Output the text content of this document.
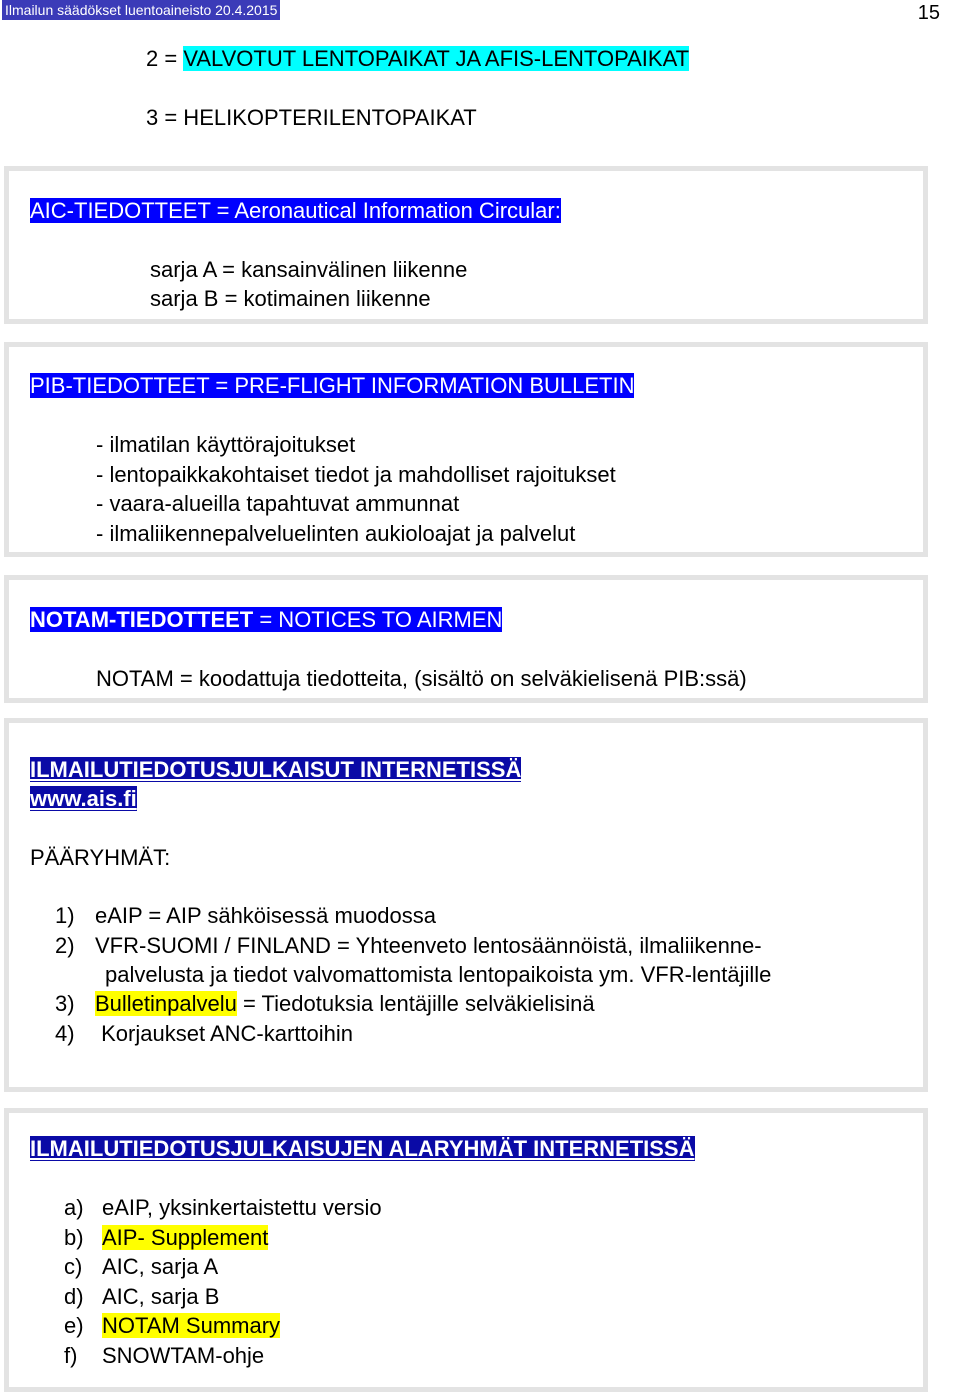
Ilmailun säädökset luentoaineisto 20.4.2015	15
2 = VALVOTUT LENTOPAIKAT JA AFIS-LENTOPAIKAT
3 = HELIKOPTERILENTOPAIKAT
AIC-TIEDOTTEET = Aeronautical Information Circular:
sarja A = kansainvälinen liikenne
sarja B = kotimainen liikenne
PIB-TIEDOTTEET = PRE-FLIGHT INFORMATION BULLETIN
- ilmatilan käyttörajoitukset
- lentopaikkakohtaiset tiedot ja mahdolliset rajoitukset
- vaara-alueilla tapahtuvat ammunnat
- ilmaliikennepalveluelinten aukioloajat ja palvelut
NOTAM-TIEDOTTEET = NOTICES TO AIRMEN
NOTAM = koodattuja tiedotteita, (sisältö on selväkielisenä PIB:ssä)
ILMAILUTIEDOTUSJULKAISUT INTERNETISSÄ
www.ais.fi
PÄÄRYHMÄT:
1) eAIP = AIP sähköisessä muodossa
2) VFR-SUOMI / FINLAND = Yhteenveto lentosäännöistä, ilmaliikenne-
palvelusta ja tiedot valvomattomista lentopaikoista ym. VFR-lentäjille
3) Bulletinpalvelu = Tiedotuksia lentäjille selväkielisinä
4) Korjaukset ANC-karttoihin
ILMAILUTIEDOTUSJULKAISUJEN ALARYHMÄT INTERNETISSÄ
a) eAIP, yksinkertaistettu versio
b) AIP- Supplement
c) AIC, sarja A
d) AIC, sarja B
e) NOTAM Summary
f) SNOWTAM-ohje
